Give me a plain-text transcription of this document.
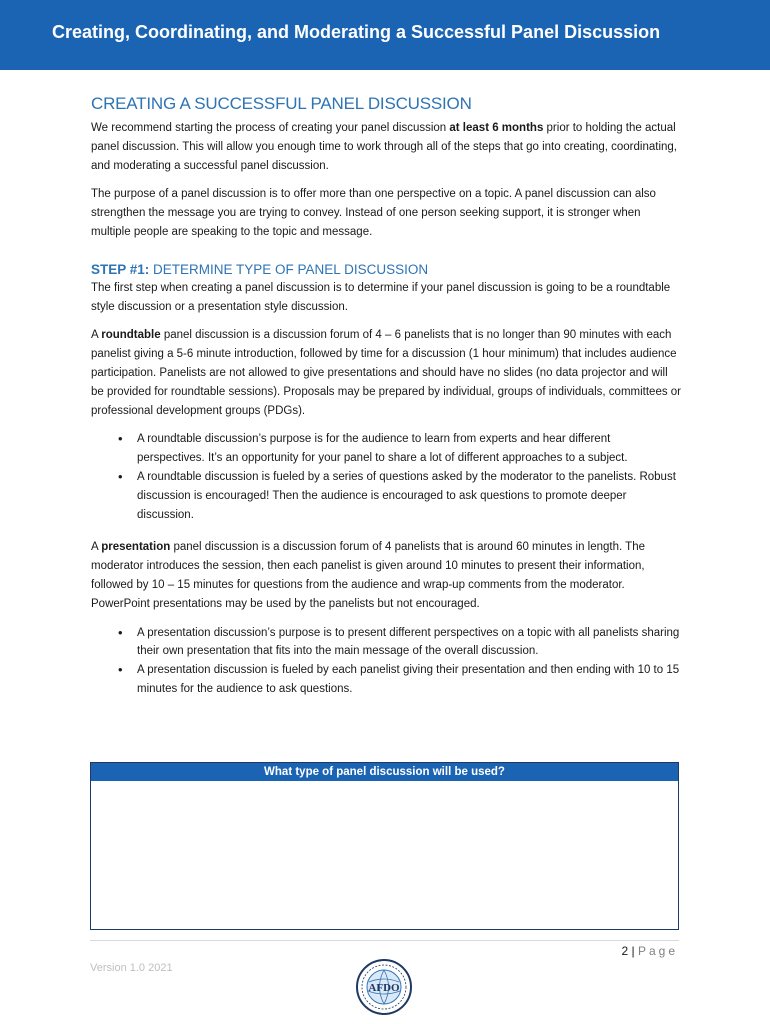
Creating, Coordinating, and Moderating a Successful Panel Discussion
CREATING A SUCCESSFUL PANEL DISCUSSION

We recommend starting the process of creating your panel discussion at least 6 months prior to holding the actual panel discussion. This will allow you enough time to work through all of the steps that go into creating, coordinating, and moderating a successful panel discussion.

The purpose of a panel discussion is to offer more than one perspective on a topic. A panel discussion can also strengthen the message you are trying to convey. Instead of one person seeking support, it is stronger when multiple people are speaking to the topic and message.

STEP #1: DETERMINE TYPE OF PANEL DISCUSSION

The first step when creating a panel discussion is to determine if your panel discussion is going to be a roundtable style discussion or a presentation style discussion.

A roundtable panel discussion is a discussion forum of 4 – 6 panelists that is no longer than 90 minutes with each panelist giving a 5-6 minute introduction, followed by time for a discussion (1 hour minimum) that includes audience participation. Panelists are not allowed to give presentations and should have no slides (no data projector and will be provided for roundtable sessions). Proposals may be prepared by individual, groups of individuals, committees or professional development groups (PDGs).

• A roundtable discussion’s purpose is for the audience to learn from experts and hear different perspectives. It’s an opportunity for your panel to share a lot of different approaches to a subject.
• A roundtable discussion is fueled by a series of questions asked by the moderator to the panelists. Robust discussion is encouraged! Then the audience is encouraged to ask questions to promote deeper discussion.

A presentation panel discussion is a discussion forum of 4 panelists that is around 60 minutes in length. The moderator introduces the session, then each panelist is given around 10 minutes to present their information, followed by 10 – 15 minutes for questions from the audience and wrap-up comments from the moderator. PowerPoint presentations may be used by the panelists but not encouraged.

• A presentation discussion’s purpose is to present different perspectives on a topic with all panelists sharing their own presentation that fits into the main message of the overall discussion.
• A presentation discussion is fueled by each panelist giving their presentation and then ending with 10 to 15 minutes for the audience to ask questions.
What type of panel discussion will be used?
2 | Page
Version 1.0 2021
AFDO
